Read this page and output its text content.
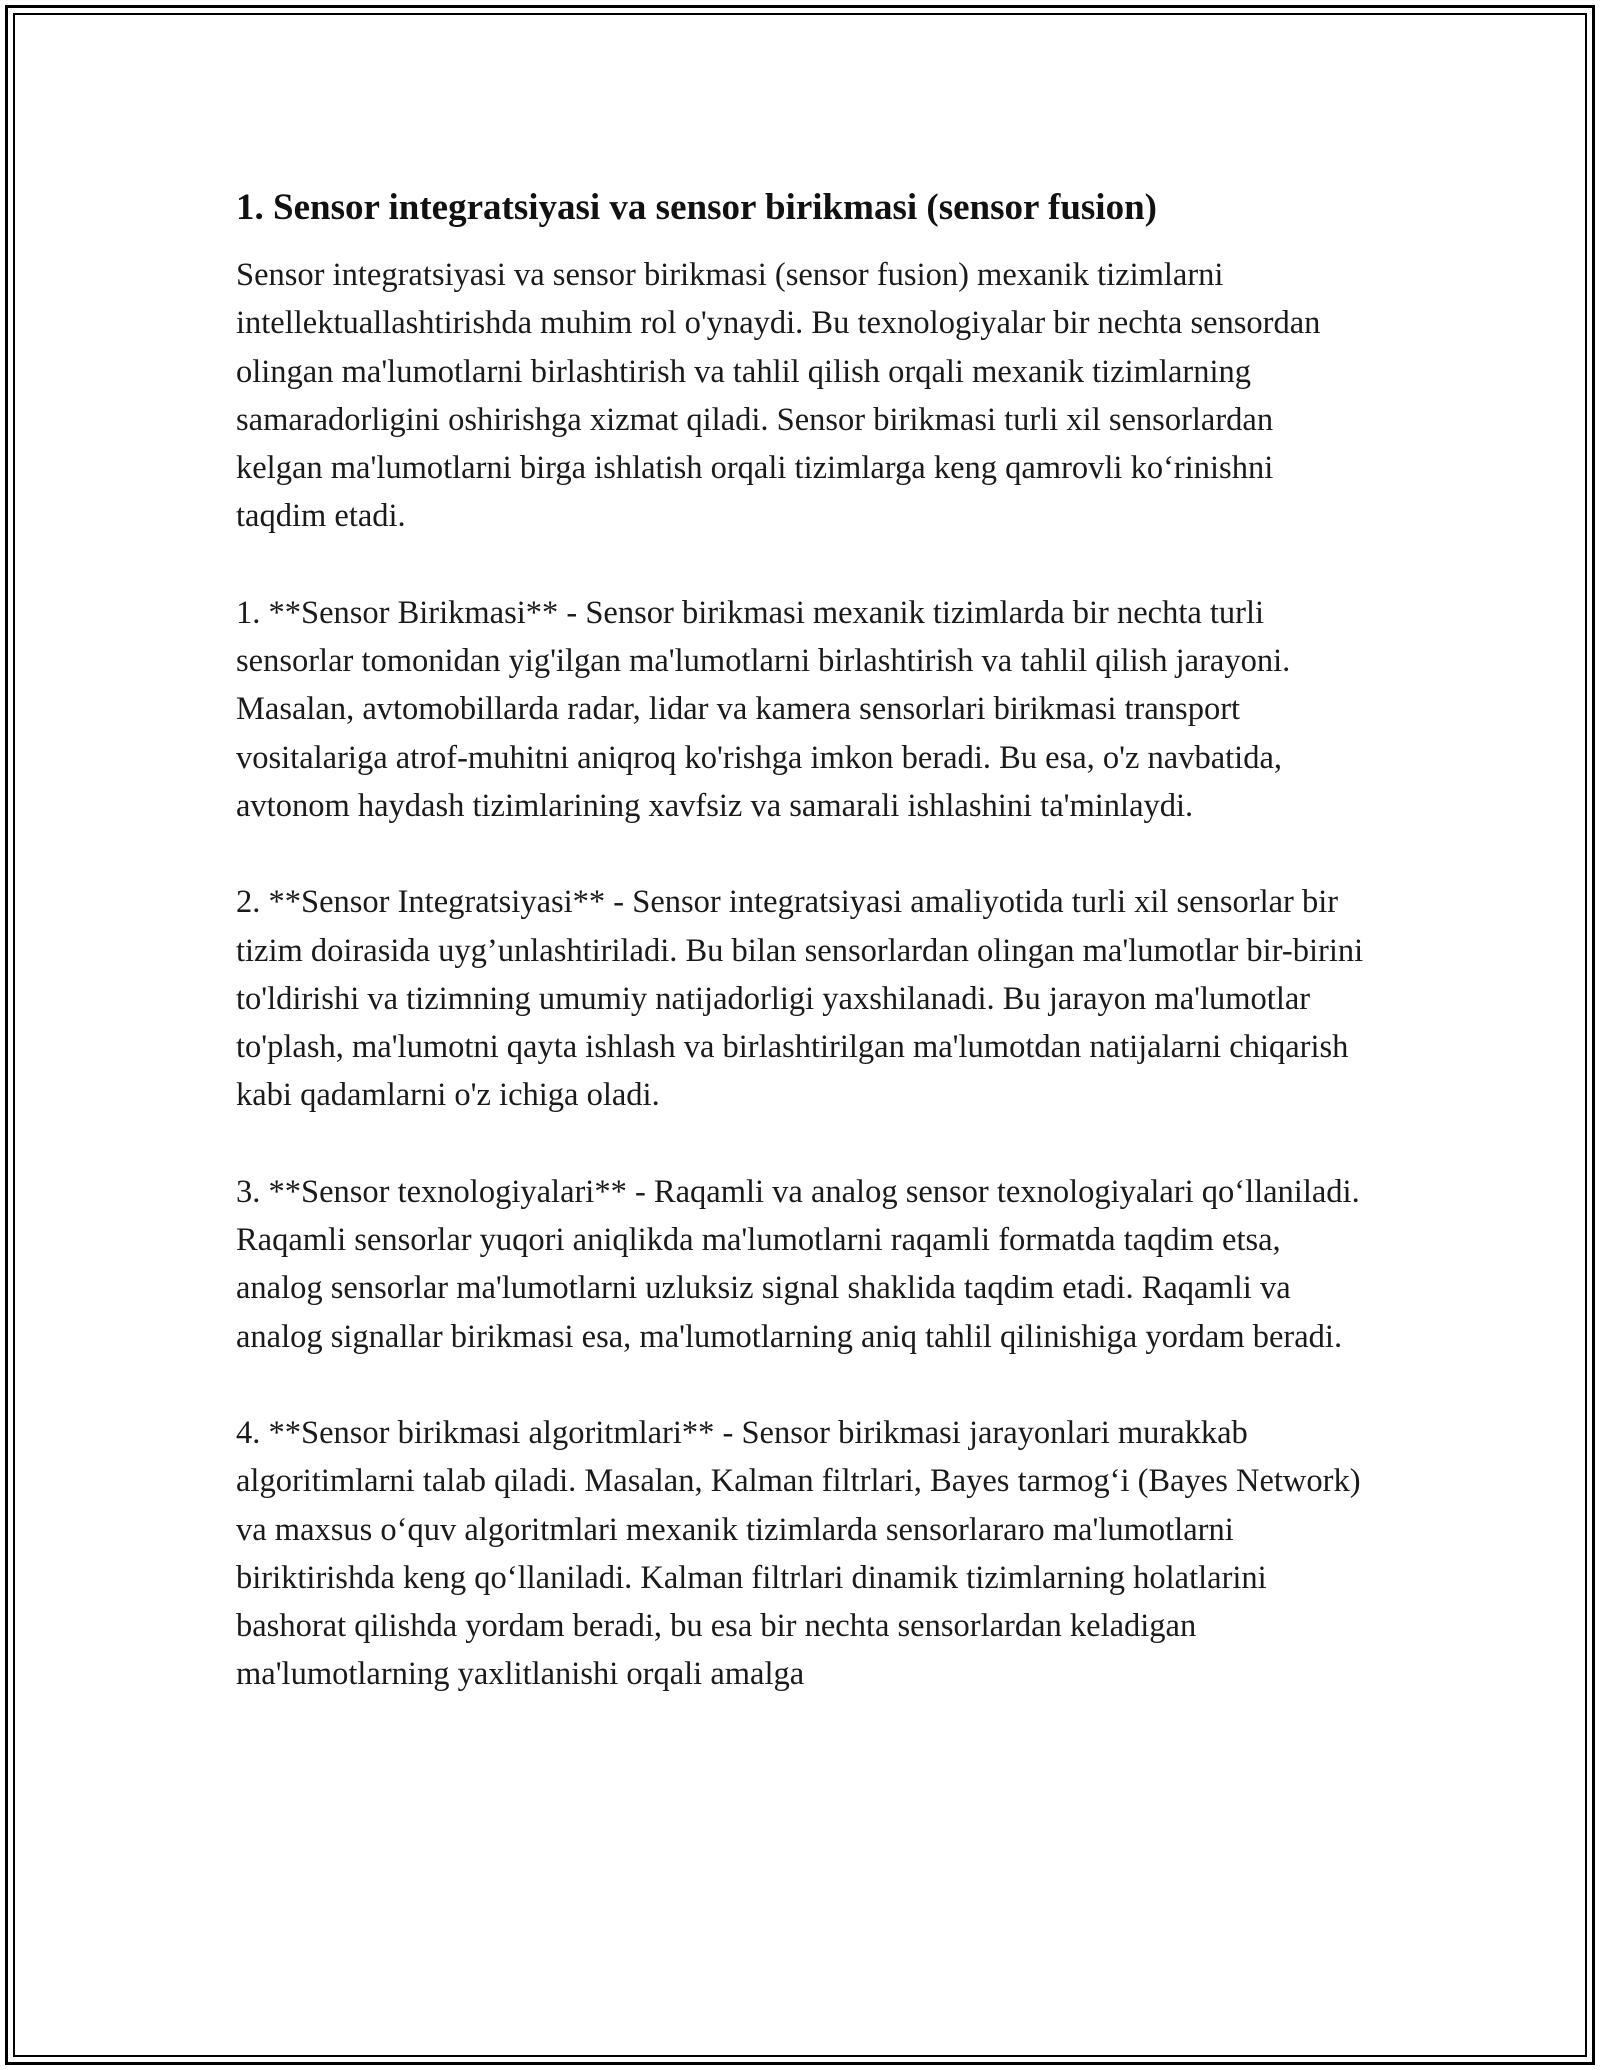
1. Sensor integratsiyasi va sensor birikmasi (sensor fusion)

Sensor integratsiyasi va sensor birikmasi (sensor fusion) mexanik tizimlarni intellektuallashtirishda muhim rol o'ynaydi. Bu texnologiyalar bir nechta sensordan olingan ma'lumotlarni birlashtirish va tahlil qilish orqali mexanik tizimlarning samaradorligini oshirishga xizmat qiladi. Sensor birikmasi turli xil sensorlardan kelgan ma'lumotlarni birga ishlatish orqali tizimlarga keng qamrovli ko‘rinishni taqdim etadi.

1. **Sensor Birikmasi** - Sensor birikmasi mexanik tizimlarda bir nechta turli sensorlar tomonidan yig'ilgan ma'lumotlarni birlashtirish va tahlil qilish jarayoni. Masalan, avtomobillarda radar, lidar va kamera sensorlari birikmasi transport vositalariga atrof-muhitni aniqroq ko'rishga imkon beradi. Bu esa, o'z navbatida, avtonom haydash tizimlarining xavfsiz va samarali ishlashini ta'minlaydi.

2. **Sensor Integratsiyasi** - Sensor integratsiyasi amaliyotida turli xil sensorlar bir tizim doirasida uyg’unlashtiriladi. Bu bilan sensorlardan olingan ma'lumotlar bir-birini to'ldirishi va tizimning umumiy natijadorligi yaxshilanadi. Bu jarayon ma'lumotlar to'plash, ma'lumotni qayta ishlash va birlashtirilgan ma'lumotdan natijalarni chiqarish kabi qadamlarni o'z ichiga oladi.

3. **Sensor texnologiyalari** - Raqamli va analog sensor texnologiyalari qo‘llaniladi. Raqamli sensorlar yuqori aniqlikda ma'lumotlarni raqamli formatda taqdim etsa, analog sensorlar ma'lumotlarni uzluksiz signal shaklida taqdim etadi. Raqamli va analog signallar birikmasi esa, ma'lumotlarning aniq tahlil qilinishiga yordam beradi.

4. **Sensor birikmasi algoritmlari** - Sensor birikmasi jarayonlari murakkab algoritimlarni talab qiladi. Masalan, Kalman filtrlari, Bayes tarmog‘i (Bayes Network) va maxsus o‘quv algoritmlari mexanik tizimlarda sensorlararo ma'lumotlarni biriktirishda keng qo‘llaniladi. Kalman filtrlari dinamik tizimlarning holatlarini bashorat qilishda yordam beradi, bu esa bir nechta sensorlardan keladigan ma'lumotlarning yaxlitlanishi orqali amalga
